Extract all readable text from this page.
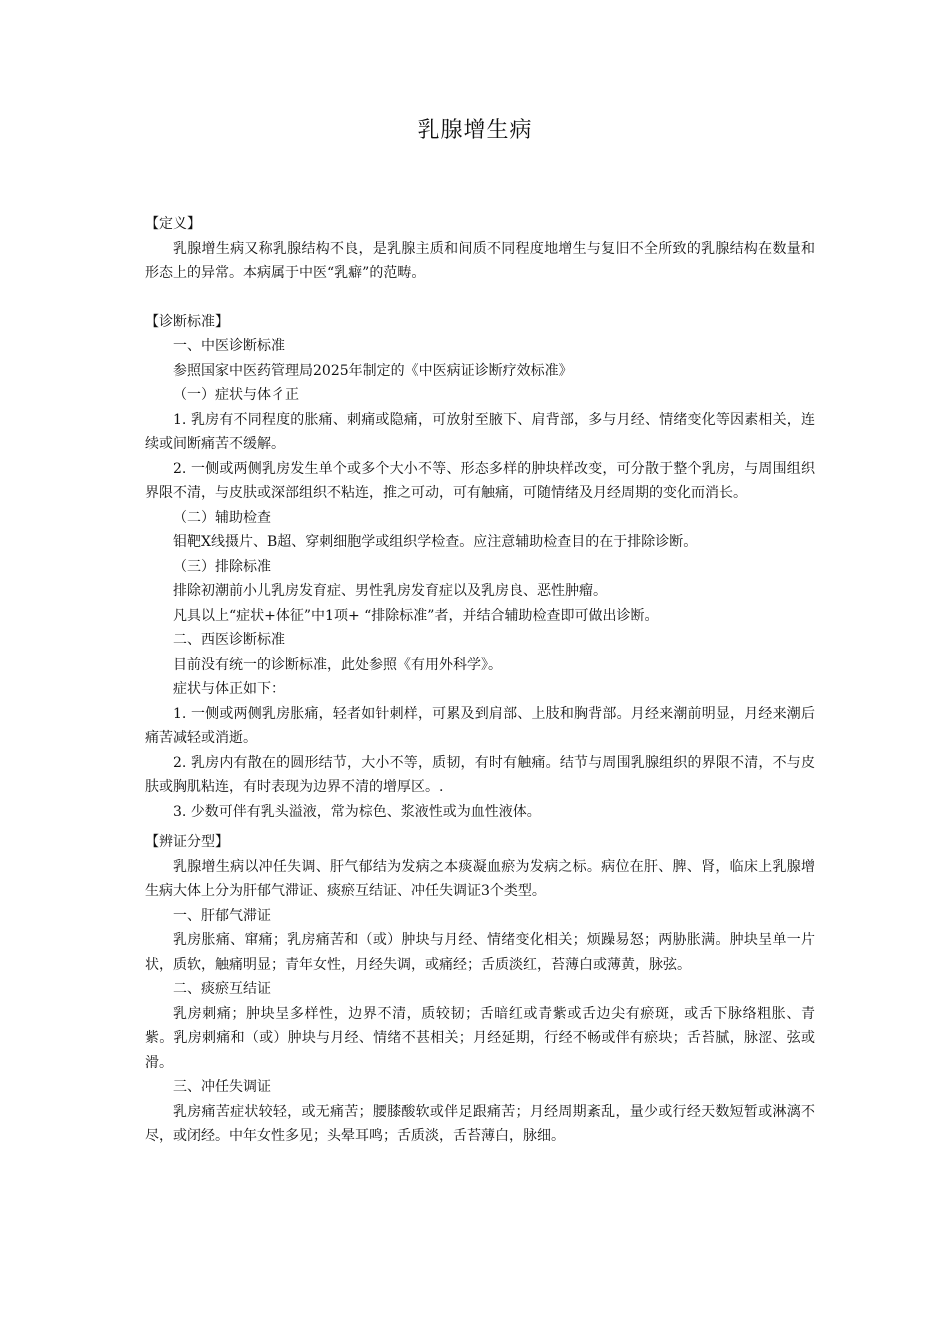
乳腺增生病

【定义】

乳腺增生病又称乳腺结构不良，是乳腺主质和间质不同程度地增生与复旧不全所致的乳腺结构在数量和形态上的异常。本病属于中医“乳癖”的范畴。

【诊断标准】

一、中医诊断标准

参照国家中医药管理局2025年制定的《中医病证诊断疗效标准》

（一）症状与体彳正

1. 乳房有不同程度的胀痛、刺痛或隐痛，可放射至腋下、肩背部，多与月经、情绪变化等因素相关，连续或间断痛苦不缓解。

2. 一侧或两侧乳房发生单个或多个大小不等、形态多样的肿块样改变，可分散于整个乳房，与周围组织界限不清，与皮肤或深部组织不粘连，推之可动，可有触痛，可随情绪及月经周期的变化而消长。

（二）辅助检查

钼靶X线摄片、B超、穿刺细胞学或组织学检查。应注意辅助检查目的在于排除诊断。

（三）排除标准

排除初潮前小儿乳房发育症、男性乳房发育症以及乳房良、恶性肿瘤。

凡具以上“症状+体征”中1项+ “排除标准”者，并结合辅助检查即可做出诊断。

二、西医诊断标准

目前没有统一的诊断标准，此处参照《有用外科学》。

症状与体正如下：

1. 一侧或两侧乳房胀痛，轻者如针刺样，可累及到肩部、上肢和胸背部。月经来潮前明显，月经来潮后痛苦减轻或消逝。

2. 乳房内有散在的圆形结节，大小不等，质韧，有时有触痛。结节与周围乳腺组织的界限不清，不与皮肤或胸肌粘连，有时表现为边界不清的增厚区。.

3. 少数可伴有乳头溢液，常为棕色、浆液性或为血性液体。

【辨证分型】

乳腺增生病以冲任失调、肝气郁结为发病之本痰凝血瘀为发病之标。病位在肝、脾、肾，临床上乳腺增生病大体上分为肝郁气滞证、痰瘀互结证、冲任失调证3个类型。

一、肝郁气滞证

乳房胀痛、窜痛；乳房痛苦和（或）肿块与月经、情绪变化相关；烦躁易怒；两胁胀满。肿块呈单一片状，质软，触痛明显；青年女性，月经失调，或痛经；舌质淡红，苔薄白或薄黄，脉弦。

二、痰瘀互结证

乳房刺痛；肿块呈多样性，边界不清，质较韧；舌暗红或青紫或舌边尖有瘀斑，或舌下脉络粗胀、青紫。乳房刺痛和（或）肿块与月经、情绪不甚相关；月经延期，行经不畅或伴有瘀块；舌苔腻，脉涩、弦或滑。

三、冲任失调证

乳房痛苦症状较轻，或无痛苦；腰膝酸软或伴足跟痛苦；月经周期紊乱，量少或行经天数短暂或淋漓不尽，或闭经。中年女性多见；头晕耳鸣；舌质淡，舌苔薄白，脉细。
